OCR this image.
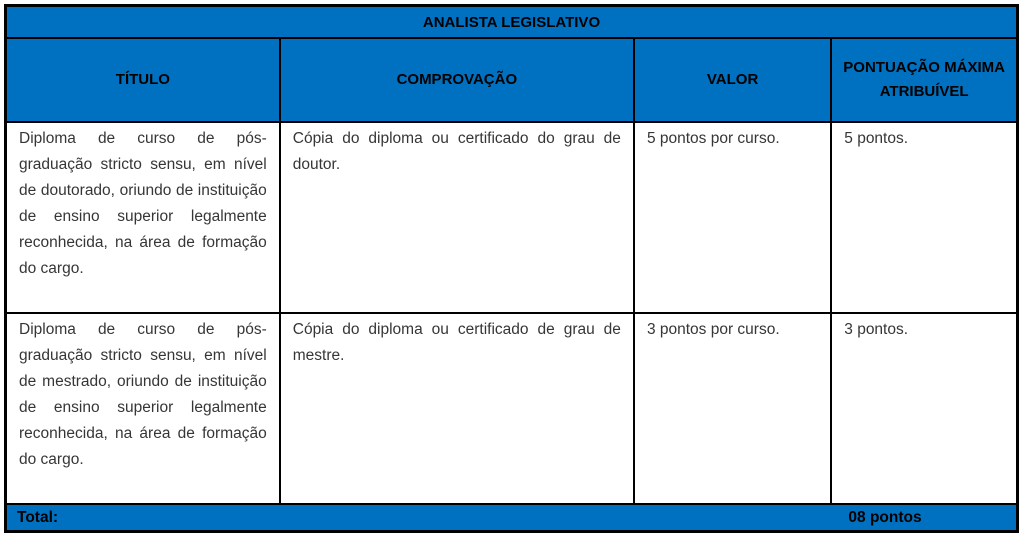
ANALISTA LEGISLATIVO			
TÍTULO	COMPROVAÇÃO	VALOR	PONTUAÇÃO MÁXIMA ATRIBUÍVEL
Diploma de curso de pós-graduação stricto sensu, em nível de doutorado, oriundo de instituição de ensino superior legalmente reconhecida, na área de formação do cargo.	Cópia do diploma ou certificado do grau de doutor.	5 pontos por curso.	5 pontos.
Diploma de curso de pós-graduação stricto sensu, em nível de mestrado, oriundo de instituição de ensino superior legalmente reconhecida, na área de formação do cargo.	Cópia do diploma ou certificado de grau de mestre.	3 pontos por curso.	3 pontos.

Total: 08 pontos			
